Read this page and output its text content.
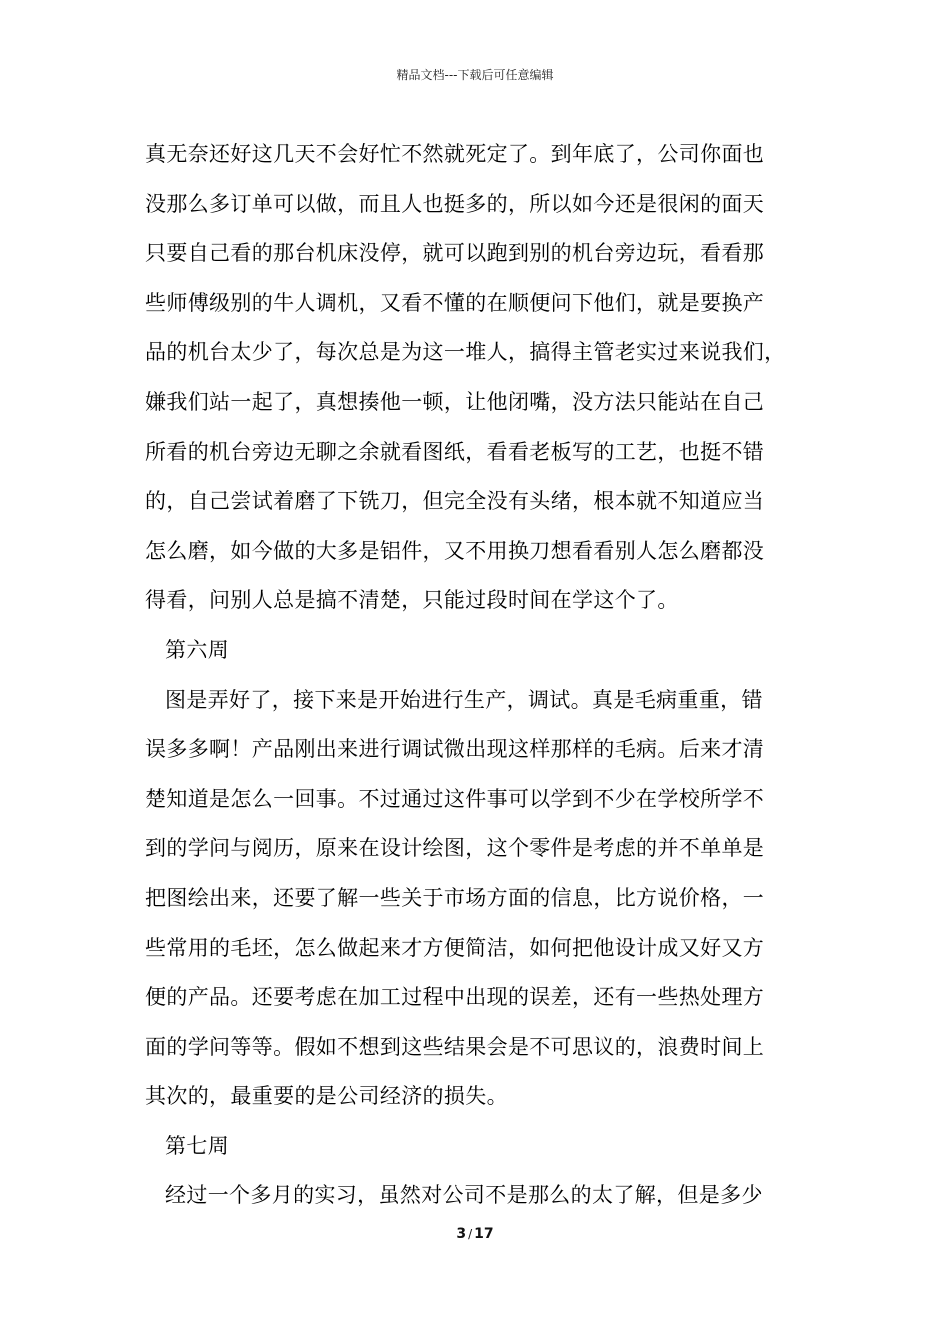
精品文档---下载后可任意编辑
真无奈还好这几天不会好忙不然就死定了。到年底了，公司你面也
没那么多订单可以做，而且人也挺多的，所以如今还是很闲的面天
只要自己看的那台机床没停，就可以跑到别的机台旁边玩，看看那
些师傅级别的牛人调机，又看不懂的在顺便问下他们，就是要换产
品的机台太少了，每次总是为这一堆人，搞得主管老实过来说我们，
嫌我们站一起了，真想揍他一顿，让他闭嘴，没方法只能站在自己
所看的机台旁边无聊之余就看图纸，看看老板写的工艺，也挺不错
的，自己尝试着磨了下铣刀，但完全没有头绪，根本就不知道应当
怎么磨，如今做的大多是铝件，又不用换刀想看看别人怎么磨都没
得看，问别人总是搞不清楚，只能过段时间在学这个了。
第六周
图是弄好了，接下来是开始进行生产，调试。真是毛病重重，错
误多多啊！产品刚出来进行调试微出现这样那样的毛病。后来才清
楚知道是怎么一回事。不过通过这件事可以学到不少在学校所学不
到的学问与阅历，原来在设计绘图，这个零件是考虑的并不单单是
把图绘出来，还要了解一些关于市场方面的信息，比方说价格，一
些常用的毛坯，怎么做起来才方便简洁，如何把他设计成又好又方
便的产品。还要考虑在加工过程中出现的误差，还有一些热处理方
面的学问等等。假如不想到这些结果会是不可思议的，浪费时间上
其次的，最重要的是公司经济的损失。
第七周
经过一个多月的实习，虽然对公司不是那么的太了解，但是多少
3 / 17
